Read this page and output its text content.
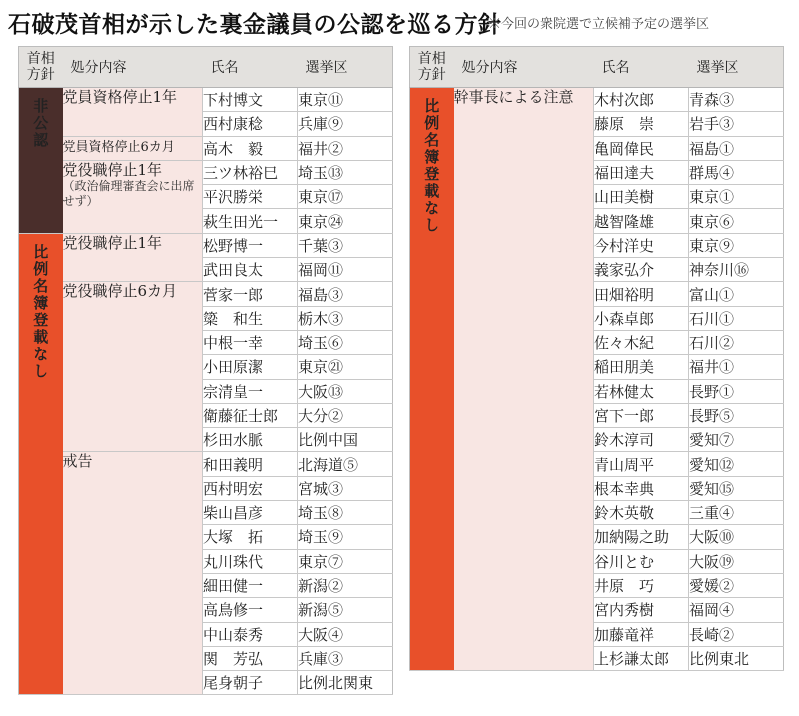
石破茂首相が示した裏金議員の公認を巡る方針
※今回の衆院選で立候補予定の選挙区
首相
方針	処分内容	氏名	選挙区
非公認	党員資格停止1年	下村博文	東京⑪
		西村康稔	兵庫⑨
	党員資格停止6カ月	高木　毅	福井②
	党役職停止1年
（政治倫理審査会に出席せず）	三ツ林裕巳	埼玉⑬
		平沢勝栄	東京⑰
		萩生田光一	東京㉔
比例名簿登載なし	党役職停止1年	松野博一	千葉③
		武田良太	福岡⑪
	党役職停止6カ月	菅家一郎	福島③
		簗　和生	栃木③
		中根一幸	埼玉⑥
		小田原潔	東京㉑
		宗清皇一	大阪⑬
		衛藤征士郎	大分②
		杉田水脈	比例中国
	戒告	和田義明	北海道⑤
		西村明宏	宮城③
		柴山昌彦	埼玉⑧
		大塚　拓	埼玉⑨
		丸川珠代	東京⑦
		細田健一	新潟②
		高鳥修一	新潟⑤
		中山泰秀	大阪④
		関　芳弘	兵庫③
		尾身朝子	比例北関東
首相
方針	処分内容	氏名	選挙区
比例名簿登載なし	幹事長による注意	木村次郎	青森③
		藤原　崇	岩手③
		亀岡偉民	福島①
		福田達夫	群馬④
		山田美樹	東京①
		越智隆雄	東京⑥
		今村洋史	東京⑨
		義家弘介	神奈川⑯
		田畑裕明	富山①
		小森卓郎	石川①
		佐々木紀	石川②
		稲田朋美	福井①
		若林健太	長野①
		宮下一郎	長野⑤
		鈴木淳司	愛知⑦
		青山周平	愛知⑫
		根本幸典	愛知⑮
		鈴木英敬	三重④
		加納陽之助	大阪⑩
		谷川とむ	大阪⑲
		井原　巧	愛媛②
		宮内秀樹	福岡④
		加藤竜祥	長崎②
		上杉謙太郎	比例東北
